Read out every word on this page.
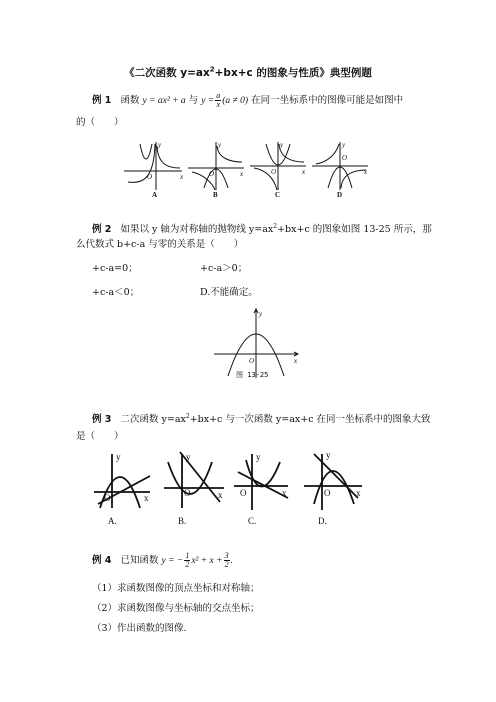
《二次函数 $y=ax^2+bx+c$ 的图象与性质》典型例题
例 1 函数 y = ax² + a 与 $y = \frac{a}{x} (a \ne 0)$ 在同一坐标系中的图像可能是如图中
的（　　）
y
x
O
y
x
O
y
x
O
y
x
O
A	B	C	D
例 2 如果以 y 轴为对称轴的抛物线 $y=ax^2+bx+c$ 的图象如图 13-25 所示，那
么代数式 b+c-a 与零的关系是（　　）
+c-a=0；	+c-a＞0；
+c-a＜0；	D.不能确定。
y
x
O
图 13-25
例 3 二次函数 $y=ax^2+bx+c$ 与一次函数 y=ax+c 在同一坐标系中的图象大致
是（　　）
y
x
O
y
x
O
y
x
O
y
x
O
A.	B.	C.	D.
例 4 已知函数 y = − $\frac{1}{2} x^2 + x + \frac{3}{2}$ .
（1）求函数图像的顶点坐标和对称轴；
（2）求函数图像与坐标轴的交点坐标；
（3）作出函数的图像.
